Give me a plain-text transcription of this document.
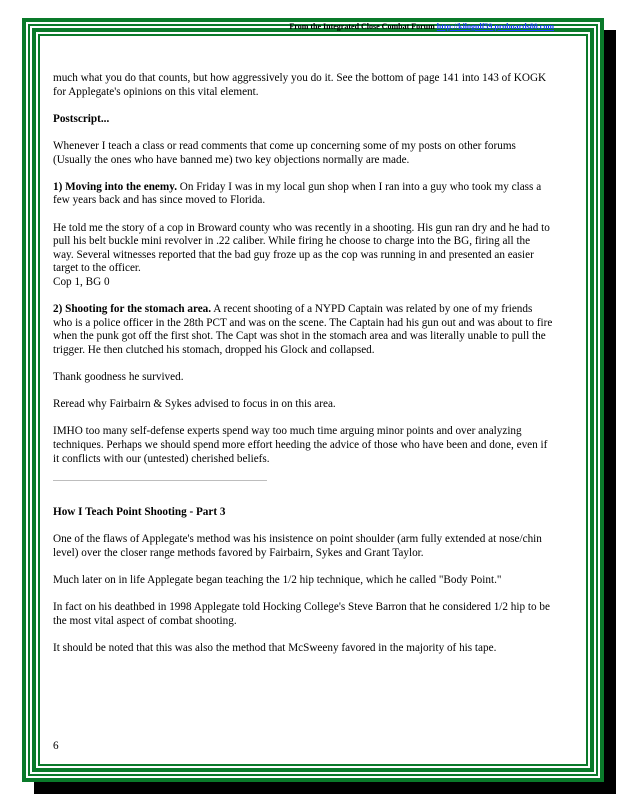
From the Integrated Close Combat Forum http://kilogulf59.proboards80.com

much what you do that counts, but how aggressively you do it. See the bottom of page 141 into 143 of KOGK for Applegate's opinions on this vital element.

Postscript...

Whenever I teach a class or read comments that come up concerning some of my posts on other forums (Usually the ones who have banned me) two key objections normally are made.

1) Moving into the enemy. On Friday I was in my local gun shop when I ran into a guy who took my class a few years back and has since moved to Florida.

He told me the story of a cop in Broward county who was recently in a shooting. His gun ran dry and he had to pull his belt buckle mini revolver in .22 caliber. While firing he choose to charge into the BG, firing all the way. Several witnesses reported that the bad guy froze up as the cop was running in and presented an easier target to the officer.

Cop 1, BG 0

2) Shooting for the stomach area. A recent shooting of a NYPD Captain was related by one of my friends who is a police officer in the 28th PCT and was on the scene. The Captain had his gun out and was about to fire when the punk got off the first shot. The Capt was shot in the stomach area and was literally unable to pull the trigger. He then clutched his stomach, dropped his Glock and collapsed.

Thank goodness he survived.

Reread why Fairbairn & Sykes advised to focus in on this area.

IMHO too many self-defense experts spend way too much time arguing minor points and over analyzing techniques. Perhaps we should spend more effort heeding the advice of those who have been and done, even if it conflicts with our (untested) cherished beliefs.

How I Teach Point Shooting - Part 3

One of the flaws of Applegate's method was his insistence on point shoulder (arm fully extended at nose/chin level) over the closer range methods favored by Fairbairn, Sykes and Grant Taylor.

Much later on in life Applegate began teaching the 1/2 hip technique, which he called "Body Point."

In fact on his deathbed in 1998 Applegate told Hocking College's Steve Barron that he considered 1/2 hip to be the most vital aspect of combat shooting.

It should be noted that this was also the method that McSweeny favored in the majority of his tape.

6
